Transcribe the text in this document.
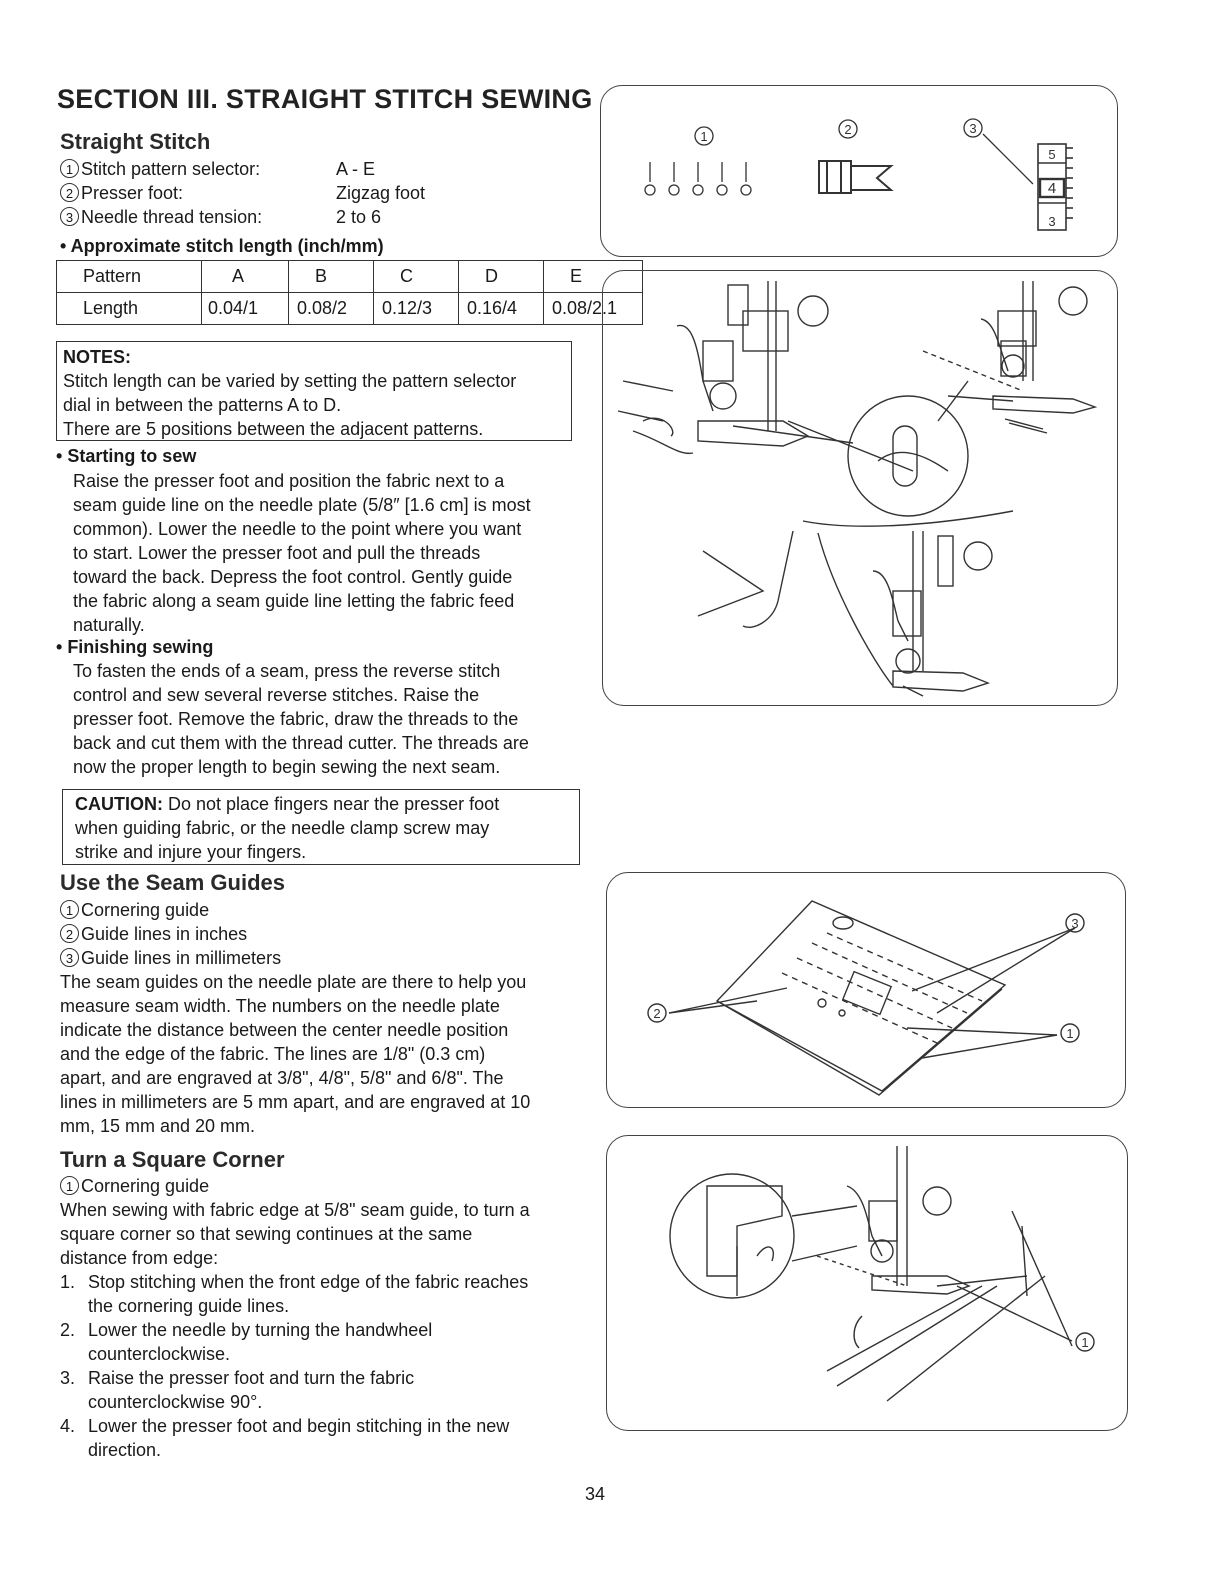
SECTION III. STRAIGHT STITCH SEWING
Straight Stitch
1 Stitch pattern selector:	A - E
2 Presser foot:	Zigzag foot
3 Needle thread tension:	2 to 6
• Approximate stitch length (inch/mm)
Pattern	A	B	C	D	E
Length	0.04/1	0.08/2	0.12/3	0.16/4	0.08/2.1
NOTES:
Stitch length can be varied by setting the pattern selector
dial in between the patterns A to D.
There are 5 positions between the adjacent patterns.
• Starting to sew
Raise the presser foot and position the fabric next to a
seam guide line on the needle plate (5/8″ [1.6 cm] is most
common). Lower the needle to the point where you want
to start. Lower the presser foot and pull the threads
toward the back. Depress the foot control. Gently guide
the fabric along a seam guide line letting the fabric feed
naturally.
• Finishing sewing
To fasten the ends of a seam, press the reverse stitch
control and sew several reverse stitches. Raise the
presser foot. Remove the fabric, draw the threads to the
back and cut them with the thread cutter. The threads are
now the proper length to begin sewing the next seam.
CAUTION: Do not place fingers near the presser foot
when guiding fabric, or the needle clamp screw may
strike and injure your fingers.
Use the Seam Guides
1 Cornering guide
2 Guide lines in inches
3 Guide lines in millimeters
The seam guides on the needle plate are there to help you
measure seam width. The numbers on the needle plate
indicate the distance between the center needle position
and the edge of the fabric. The lines are 1/8" (0.3 cm)
apart, and are engraved at 3/8", 4/8", 5/8" and 6/8". The
lines in millimeters are 5 mm apart, and are engraved at 10
mm, 15 mm and 20 mm.
Turn a Square Corner
1 Cornering guide
When sewing with fabric edge at 5/8" seam guide, to turn a
square corner so that sewing continues at the same
distance from edge:
1. Stop stitching when the front edge of the fabric reaches
the cornering guide lines.
2. Lower the needle by turning the handwheel
counterclockwise.
3. Raise the presser foot and turn the fabric
counterclockwise 90°.
4. Lower the presser foot and begin stitching in the new
direction.
34
1	2	3
5
4
3
3
2
1
1
